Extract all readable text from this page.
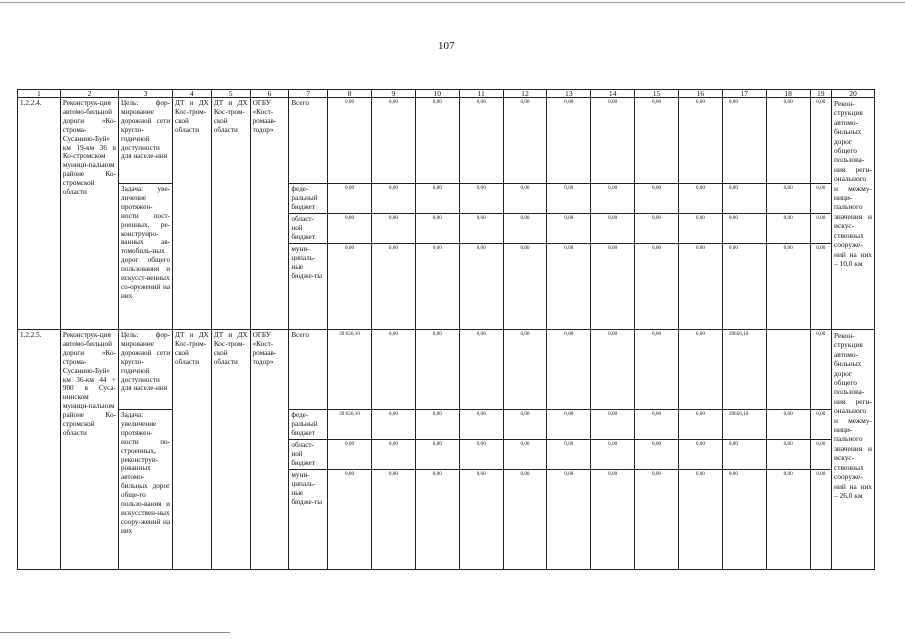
107
1	2	3	4	5	6	7	8	9	10	11	12	13	14	15	16	17	18	19	20
1.2.2.4.	Реконструк-ция автомо-бильной дороги «Ко-строма-Сусанино-Буй» км 19-км 36 в Ко-стромском муници-пальном районе Ко-стромской области	Цель: фор-мирование дорожной сети кругло-годичной доступности для населе-ния	ДТ и ДХ Кос-тром-ской области	ДТ и ДХ Кос-тром-ской области	ОГБУ «Кост-ромаав-тодор»	Всего	0,00	0,00	0,00	0,00	0,00	0,00	0,00	0,00	0,00	0,00	0,00	0,00	Рекон-струкция автомо-бильных дорог общего пользова-ния реги-онального и межму-ници-пального значения и искус-ственных сооруже-ний на них – 10,0 км
		Задача: уве-личение протяжен-ности пост-роенных, ре-конструиро-ванных ав-томобиль-ных дорог общего пользования и искусст-венных со-оружений на них				феде-ральный бюджет	0,00	0,00	0,00	0,00	0,00	0,00	0,00	0,00	0,00	0,00	0,00	0,00	
						област-ной бюджет	0,00	0,00	0,00	0,00	0,00	0,00	0,00	0,00	0,00	0,00	0,00	0,00	
						муни-ципаль-ные бюдже-ты	0,00	0,00	0,00	0,00	0,00	0,00	0,00	0,00	0,00	0,00	0,00	0,00	
1.2.2.5.	Реконструк-ция автомо-бильной дороги «Ко-строма-Сусанино-Буй» км 36-км 44 + 900 в Суса-нинском муници-пальном районе Ко-стромской области	Цель: фор-мирование дорожной сети кругло-годичной доступности для населе-ния	ДТ и ДХ Кос-тром-ской области	ДТ и ДХ Кос-тром-ской области	ОГБУ «Кост-ромаав-тодор»	Всего	39 656,10	0,00	0,00	0,00	0,00	0,00	0,00	0,00	0,00	39656,10		0,00	Рекон-струкция автомо-бильных дорог общего пользова-ния реги-онального и межму-ници-пального значения и искус-ственных сооруже-ний на них – 26,0 км
		Задача: увеличение протяжен-ности по-строенных, реконструи-рованных автомо-бильных дорог обще-го пользо-вания и искусствен-ных соору-жений на них				феде-ральный бюджет	39 656,10	0,00	0,00	0,00	0,00	0,00	0,00	0,00	0,00	39656,10	0,00	0,00	
						област-ной бюджет	0,00	0,00	0,00	0,00	0,00	0,00	0,00	0,00	0,00	0,00	0,00	0,00	
						муни-ципаль-ные бюдже-ты	0,00	0,00	0,00	0,00	0,00	0,00	0,00	0,00	0,00	0,00	0,00	0,00	
